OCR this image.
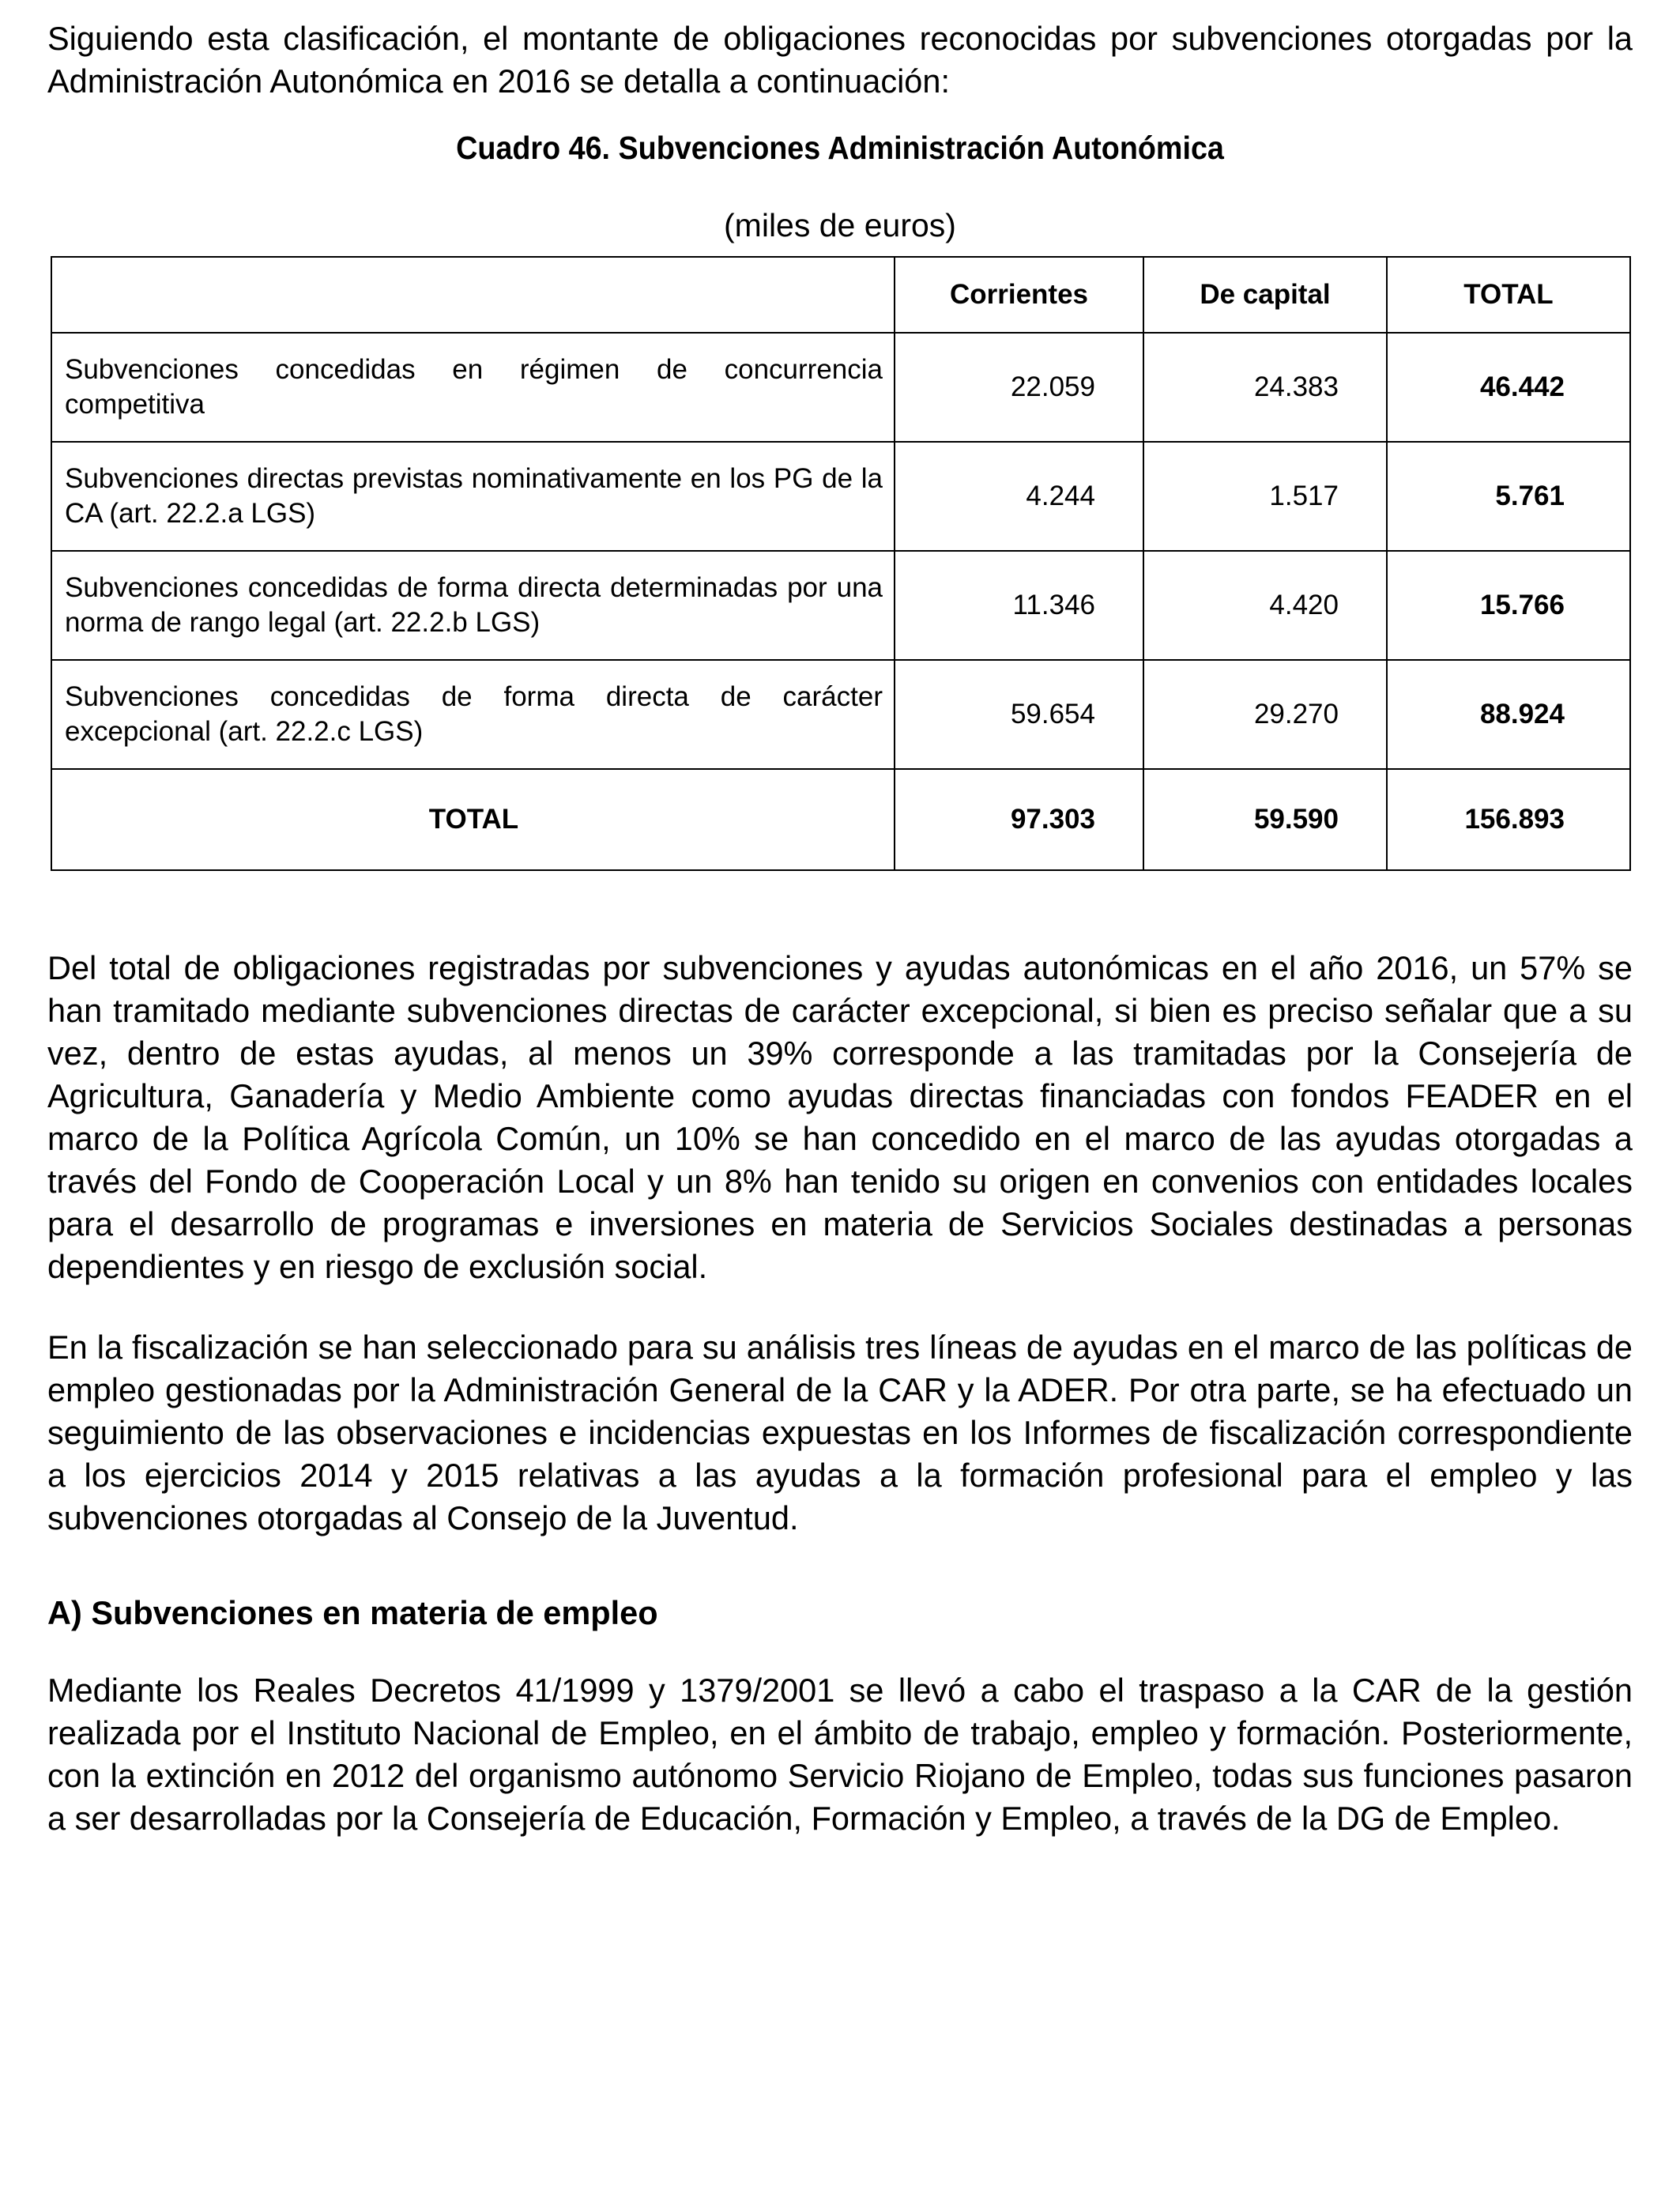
Siguiendo esta clasificación, el montante de obligaciones reconocidas por subvenciones otorgadas por la Administración Autonómica en 2016 se detalla a continuación:

Cuadro 46. Subvenciones Administración Autonómica

(miles de euros)

	Corrientes	De capital	TOTAL
Subvenciones concedidas en régimen de concurrencia competitiva	22.059	24.383	46.442
Subvenciones directas previstas nominativamente en los PG de la CA (art. 22.2.a LGS)	4.244	1.517	5.761
Subvenciones concedidas de forma directa determinadas por una norma de rango legal (art. 22.2.b LGS)	11.346	4.420	15.766
Subvenciones concedidas de forma directa de carácter excepcional (art. 22.2.c LGS)	59.654	29.270	88.924
TOTAL	97.303	59.590	156.893

Del total de obligaciones registradas por subvenciones y ayudas autonómicas en el año 2016, un 57% se han tramitado mediante subvenciones directas de carácter excepcional, si bien es preciso señalar que a su vez, dentro de estas ayudas, al menos un 39% corresponde a las tramitadas por la Consejería de Agricultura, Ganadería y Medio Ambiente como ayudas directas financiadas con fondos FEADER en el marco de la Política Agrícola Común, un 10% se han concedido en el marco de las ayudas otorgadas a través del Fondo de Cooperación Local y un 8% han tenido su origen en convenios con entidades locales para el desarrollo de programas e inversiones en materia de Servicios Sociales destinadas a personas dependientes y en riesgo de exclusión social.

En la fiscalización se han seleccionado para su análisis tres líneas de ayudas en el marco de las políticas de empleo gestionadas por la Administración General de la CAR y la ADER. Por otra parte, se ha efectuado un seguimiento de las observaciones e incidencias expuestas en los Informes de fiscalización correspondiente a los ejercicios 2014 y 2015 relativas a las ayudas a la formación profesional para el empleo y las subvenciones otorgadas al Consejo de la Juventud.

A) Subvenciones en materia de empleo

Mediante los Reales Decretos 41/1999 y 1379/2001 se llevó a cabo el traspaso a la CAR de la gestión realizada por el Instituto Nacional de Empleo, en el ámbito de trabajo, empleo y formación. Posteriormente, con la extinción en 2012 del organismo autónomo Servicio Riojano de Empleo, todas sus funciones pasaron a ser desarrolladas por la Consejería de Educación, Formación y Empleo, a través de la DG de Empleo.
